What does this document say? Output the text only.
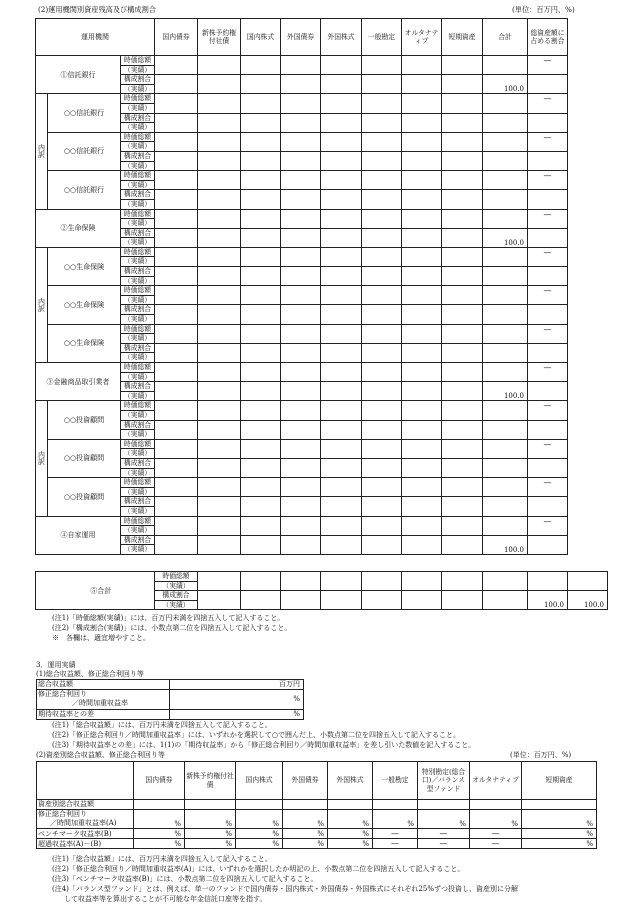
(2)運用機関別資産残高及び構成割合	(単位：百万円、%)
運用機関			国内債券	新株予約権付社債	国内株式	外国債券	外国株式	一般勘定	オルタナティブ	短期資産	合計	総資産額に占める割合
①信託銀行		時価総額										—
		（実績）										
		構成割合									100.0	
		（実績）										
内訳	○○信託銀行	時価総額										—
		（実績）										
		構成割合										
		（実績）										
	○○信託銀行	時価総額										—
		（実績）										
		構成割合										
		（実績）										
	○○信託銀行	時価総額										—
		（実績）										
		構成割合										
		（実績）										
②生命保険		時価総額										—
		（実績）										
		構成割合									100.0	
		（実績）										
内訳	○○生命保険	時価総額										—
		（実績）										
		構成割合										
		（実績）										
	○○生命保険	時価総額										—
		（実績）										
		構成割合										
		（実績）										
	○○生命保険	時価総額										—
		（実績）										
		構成割合										
		（実績）										
③金融商品取引業者		時価総額										—
		（実績）										
		構成割合									100.0	
		（実績）										
内訳	○○投資顧問	時価総額										—
		（実績）										
		構成割合										
		（実績）										
	○○投資顧問	時価総額										—
		（実績）										
		構成割合										
		（実績）										
	○○投資顧問	時価総額										—
		（実績）										
		構成割合										
		（実績）										
④自家運用		時価総額										—
		（実績）										
		構成割合									100.0	
		（実績）										
	⑤合計	時価総額										
		（実績）										
		構成割合									100.0	100.0
		（実績）										
(注1)「時価総額(実績)」には、百万円未満を四捨五入して記入すること。
(注2)「構成割合(実績)」には、小数点第二位を四捨五入して記入すること。
※　各欄は、適宜増やすこと。
3．運用実績
(1)総合収益額、修正総合利回り等
総合収益額	百万円

修正総合利回り
／時間加重収益率	%
期待収益率との差	%
(注1)「総合収益額」には、百万円未満を四捨五入して記入すること。
(注2)「修正総合利回り／時間加重収益率」には、いずれかを選択して○で囲んだ上、小数点第二位を四捨五入して記入すること。
(注3)「期待収益率との差」には、1(1)の「期待収益率」から「修正総合利回り／時間加重収益率」を差し引いた数値を記入すること。
(2)資産別総合収益額、修正総合利回り等	(単位：百万円、%)
	国内債券	新株予約権付社債	国内株式	外国債券	外国株式	一般勘定	特別勘定(総合口)／バランス型ファンド	オルタナティブ	短期資産
資産別総合収益額									

修正総合利回り
／時間加重収益率(A)	%	%	%	%	%	%	%	%	%
ベンチマーク収益率(B)	%	%	%	%	%	—	—	—	%
超過収益率(A)－(B)	%	%	%	%	%	—	—	—	%
(注1)「総合収益額」には、百万円未満を四捨五入して記入すること。
(注2)「修正総合利回り／時間加重収益率(A)」には、いずれかを選択したか明記の上、小数点第二位を四捨五入して記入すること。
(注3)「ベンチマーク収益率(B)」には、小数点第二位を四捨五入して記入すること。
(注4)「バランス型ファンド」とは、例えば、単一のファンドで国内債券・国内株式・外国債券・外国株式にそれぞれ25%ずつ投資し、資産別に分解
して収益率等を算出することが不可能な年金信託口座等を指す。
